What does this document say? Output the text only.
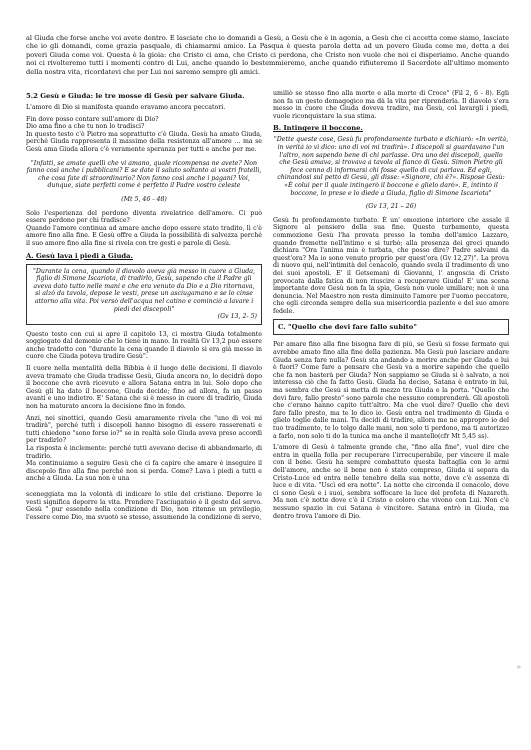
al Giuda che forse anche voi avete dentro. E lasciate che io domandi a Gesù, a Gesù che è in agonia, a Gesù che ci accetta come siamo, lasciate che io gli domandi, come grazia pasquale, di chiamarmi amico. La Pasqua è questa parola detta ad un povero Giuda come me, detta a dei poveri Giuda come voi. Questa è la gioia: che Cristo ci ama, che Cristo ci perdona, che Cristo non vuole che noi ci disperiamo. Anche quando noi ci rivolteremo tutti i momenti contro di Lui, anche quando lo bestemmieremo, anche quando rifiuteremo il Sacerdote all'ultimo momento della nostra vita, ricordatevi che per Lui noi saremo sempre gli amici.

5.2 Gesù e Giuda: le tre mosse di Gesù per salvare Giuda.

L'amore di Dio si manifesta quando eravamo ancora peccatori.

Fin dove posso contare sull'amore di Dio?

Dio ama fino a che tu non lo tradisci?

In questo testo c'è Pietro ma soprattutto c'è Giuda. Gesù ha amato Giuda, perché Giuda rappresenta il massimo della resistenza all'amore … ma se Gesù ama Giuda allora c'è veramente speranza per tutti e anche per me.

"Infatti, se amate quelli che vi amano, quale ricompensa ne avete? Non fanno così anche i pubblicani? E se date il saluto soltanto ai vostri fratelli, che cosa fate di straordinario? Non fanno così anche i pagani? Voi, dunque, siate perfetti come è perfetto il Padre vostro celeste

(Mt 5, 46 - 48)

Solo l'esperienza del perdono diventa rivelatrice dell'amore. Ci può essere perdono per chi tradisce?

Quando l'amore continua ad amare anche dopo essere stato tradito, lì c'è amore fino alla fine. E Gesù offre a Giuda la possibilità di salvezza perché il suo amore fino alla fine si rivela con tre gesti e parole di Gesù.

A. Gesù lava i piedi a Giuda.

"Durante la cena, quando il diavolo aveva già messo in cuore a Giuda, figlio di Simone Iscariota, di tradirlo, Gesù, sapendo che il Padre gli aveva dato tutto nelle mani e che era venuto da Dio e a Dio ritornava, si alzò da tavola, depose le vesti, prese un asciugamano e se lo cinse attorno alla vita. Poi versò dell'acqua nel catino e cominciò a lavare i piedi dei discepoli"

(Gv 13, 2- 5)

Questo testo con cui si apre il capitolo 13, ci mostra Giuda totalmente soggiogato dal demonio che lo tiene in mano. In realtà Gv 13,2 può essere anche tradotto con "durante la cena quando il diavolo si era già messo in cuore che Giuda poteva tradire Gesù".

Il cuore nella mentalità della Bibbia è il luogo delle decisioni. Il diavolo aveva tramato che Giuda tradisse Gesù, Giuda ancora no, lo decidrà dopo il boccone che avrà ricevuto e allora Satana entra in lui. Solo dopo che Gesù gli ha dato il boccone, Giuda decide; fino ad allora, fa un passo avanti e uno indietro. E' Satana che si è messo in cuore di tradirlo, Giuda non ha maturato ancora la decisione fino in fondo.

Anzi, nei sinottici, quando Gesù amaramente rivela che "uno di voi mi tradirà", perché tutti i discepoli hanno bisogno di essere rasserenati e tutti chiedono "sono forse io?" se in realtà solo Giuda aveva preso accordi per tradirlo?

La risposta è inclemente: perché tutti avevano deciso di abbandonarlo, di tradirlo.

Ma continuiamo a seguire Gesù che ci fa capire che amare è inseguire il discepolo fino alla fine perché non si perda. Come? Lava i piedi a tutti e anche a Giuda. La sua non è una

sceneggiata ma la volontà di indicare lo stile del cristiano. Deporre le vesti significa deporre la vita. Prendere l'asciugatoio è il gesto del servo. Gesù " pur essendo nella condizione di Dio, non ritenne un privilegio, l'essere come Dio, ma svuotò se stesso, assumendo la condizione di servo,

umiliò se stesso fino alla morte e alla morte di Croce" (Fil 2, 6 - 8). Egli non fa un gesto demagogico ma dà la vita per riprenderla. Il diavolo s'era messo in cuore che Giuda doveva tradire, ma Gesù, col lavargli i piedi, vuole riconquistare la sua stima.

B. Intingere il boccone.

"Dette queste cose, Gesù fu profondamente turbato e dichiarò: «In verità, in verità io vi dico: uno di voi mi tradirà». I discepoli si guardavano l'un l'altro, non sapendo bene di chi parlasse. Ora uno dei discepoli, quello che Gesù amava, si trovava a tavola al fianco di Gesù. Simon Pietro gli fece cenno di informarsi chi fosse quello di cui parlava. Ed egli, chinandosi sul petto di Gesù, gli disse: «Signore, chi è?». Rispose Gesù: «È colui per il quale intingerò il boccone e glielo darò». E, intinto il boccone, lo prese e lo diede a Giuda, figlio di Simone Iscariota"

(Gv 13, 21 – 26)

Gesù fu profondamente turbato. È un' emozione interiore che assale il Signore al pensiero della sua fine. Questo turbamento, questa commozione Gesù l'ha provata presso la tomba dell'amico Lazzaro, quando fremette nell'intimo e si turbò; alla presenza dei greci quando dichiara "Ora l'anima mia è turbata, che posso dire? Padre salvami da quest'ora? Ma io sono venuto proprio per quest'ora (Gv 12,27)". La prova di nuovo qui, nell'intimità del cenacolo, quando svela il tradimento di uno dei suoi apostoli. E' il Getsemani di Giovanni, l' angoscia di Cristo provocata dalla fatica di non riuscire a recuperare Giuda! E' una scena importante dove Gesù non fa la spia, Gesù non vuole umiliare; non è una denuncia. Nel Maestro non resta diminuito l'amore per l'uomo peccatore, che egli circonda sempre della sua misericordia paziente e del suo amore fedele.

C. "Quello che devi fare fallo subito"

Per amare fino alla fine bisogna fare di più, se Gesù si fosse fermato qui avrebbe amato fino alla fine della pazienza. Ma Gesù può lasciare andare Giuda senza fare nulla? Gesù sta andando a morire anche per Giuda e lui è fuori? Come fare a pensare che Gesù va a morire sapendo che quello che fa non basterà per Giuda? Non sappiamo se Giuda si è salvato, a noi interessa ciò che fa fatto Gesù. Giuda ha deciso, Satana è entrato in lui, ma sembra che Gesù si metta di mezzo tra Giuda e la porta. "Quello che devi fare, fallo presto" sono parole che nessuno comprenderà. Gli apostoli che c'erano hanno capito tutt'altro. Ma che vuol dire? Quello che devi fare fallo presto, ma te lo dico io. Gesù entra nel tradimento di Giuda e glielo toglie dalle mani. Tu decidi di tradire, allora me ne appropro io del tuo tradimento, te lo tolgo dalle mani, non solo ti perdono, ma ti autorizzo a farlo, non solo ti do la tunica ma anche il mantello(cfr Mt 5,45 ss).

L'amore di Gesù è talmente grande che, "fino alla fine", vuol dire che entra in quella folla per recuperare l'irrecuperabile, per vincere il male con il bene. Gesù ha sempre combattuto questa battaglia con le armi dell'amore, anche se il bene non è stato compreso, Giuda si separa da Cristo-Luce ed entra nelle tenebre della sua notte, dove c'è assenza di luce e di vita. "Uscì ed era notte". La notte che circonda il cenacolo, dove ci sono Gesù e i suoi, sembra soffocare la luce del profeta di Nazareth. Ma non c'è notte dove c'è il Cristo e coloro che vivono con Lui. Non c'è nessuno spazio in cui Satana è vincitore. Satana entrò in Giuda, ma dentro trova l'amore di Dio.

0
